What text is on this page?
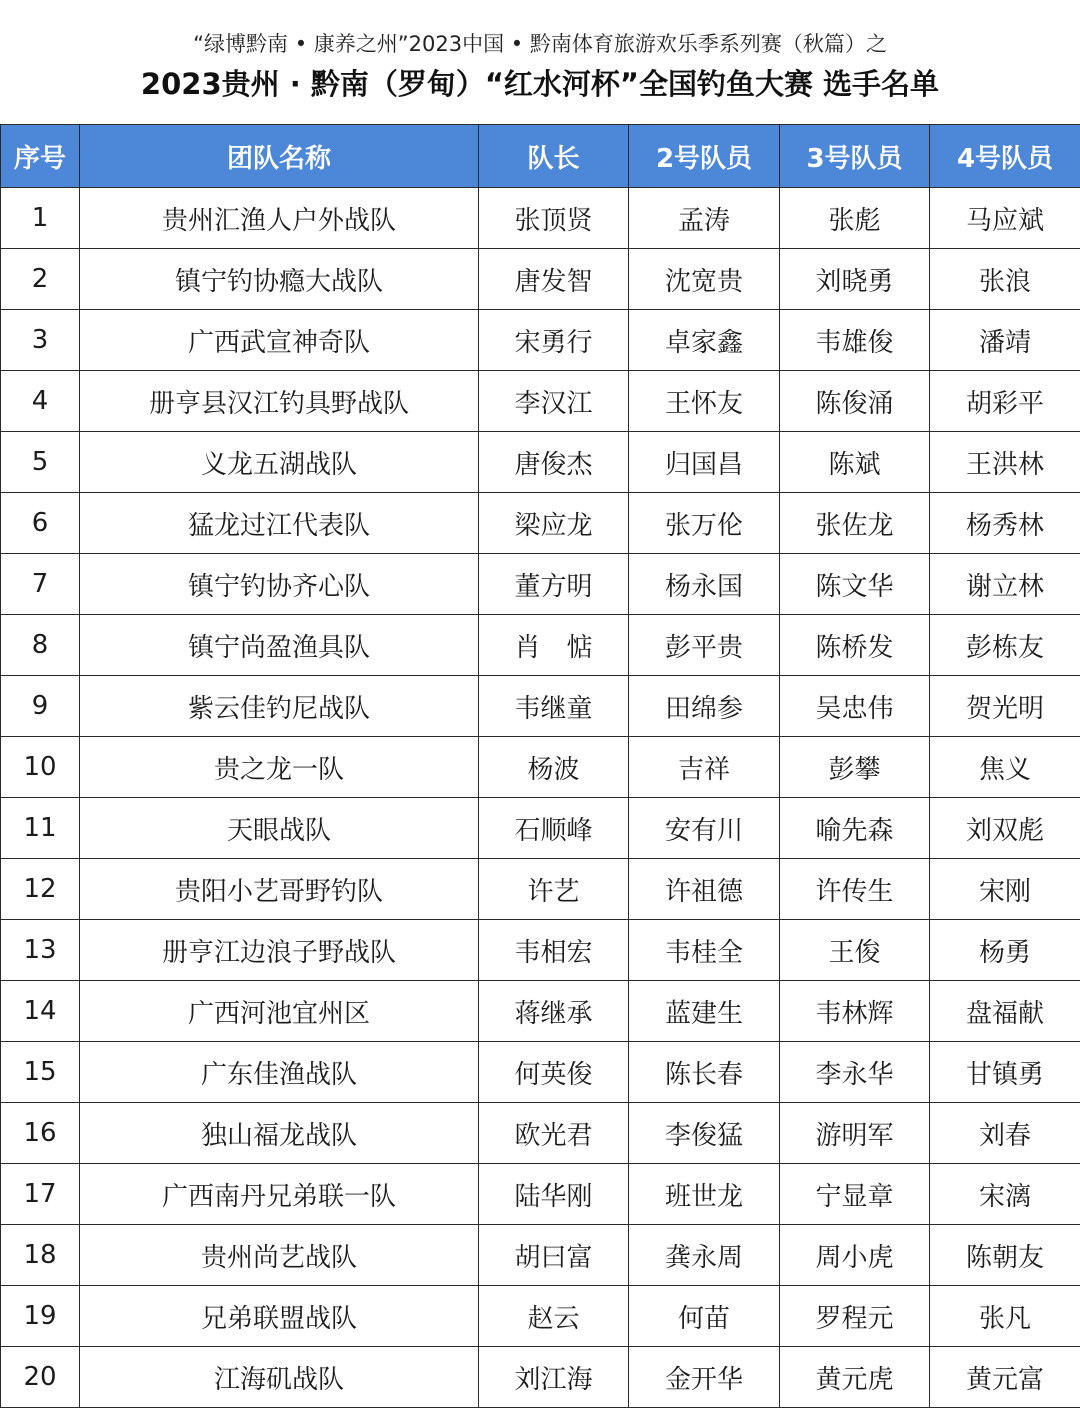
“绿博黔南 • 康养之州”2023中国 • 黔南体育旅游欢乐季系列赛（秋篇）之
2023贵州 · 黔南（罗甸）“红水河杯”全国钓鱼大赛 选手名单
序号	团队名称	队长	2号队员	3号队员	4号队员
1	贵州汇渔人户外战队	张顶贤	孟涛	张彪	马应斌
2	镇宁钓协瘾大战队	唐发智	沈宽贵	刘晓勇	张浪
3	广西武宣神奇队	宋勇行	卓家鑫	韦雄俊	潘靖
4	册亨县汉江钓具野战队	李汉江	王怀友	陈俊涌	胡彩平
5	义龙五湖战队	唐俊杰	归国昌	陈斌	王洪林
6	猛龙过江代表队	梁应龙	张万伦	张佐龙	杨秀林
7	镇宁钓协齐心队	董方明	杨永国	陈文华	谢立林
8	镇宁尚盈渔具队	肖　惦	彭平贵	陈桥发	彭栋友
9	紫云佳钓尼战队	韦继童	田绵参	吴忠伟	贺光明
10	贵之龙一队	杨波	吉祥	彭攀	焦义
11	天眼战队	石顺峰	安有川	喻先森	刘双彪
12	贵阳小艺哥野钓队	许艺	许祖德	许传生	宋刚
13	册亨江边浪子野战队	韦相宏	韦桂全	王俊	杨勇
14	广西河池宜州区	蒋继承	蓝建生	韦林辉	盘福献
15	广东佳渔战队	何英俊	陈长春	李永华	甘镇勇
16	独山福龙战队	欧光君	李俊猛	游明军	刘春
17	广西南丹兄弟联一队	陆华刚	班世龙	宁显章	宋漓
18	贵州尚艺战队	胡曰富	龚永周	周小虎	陈朝友
19	兄弟联盟战队	赵云	何苗	罗程元	张凡
20	江海矶战队	刘江海	金开华	黄元虎	黄元富
